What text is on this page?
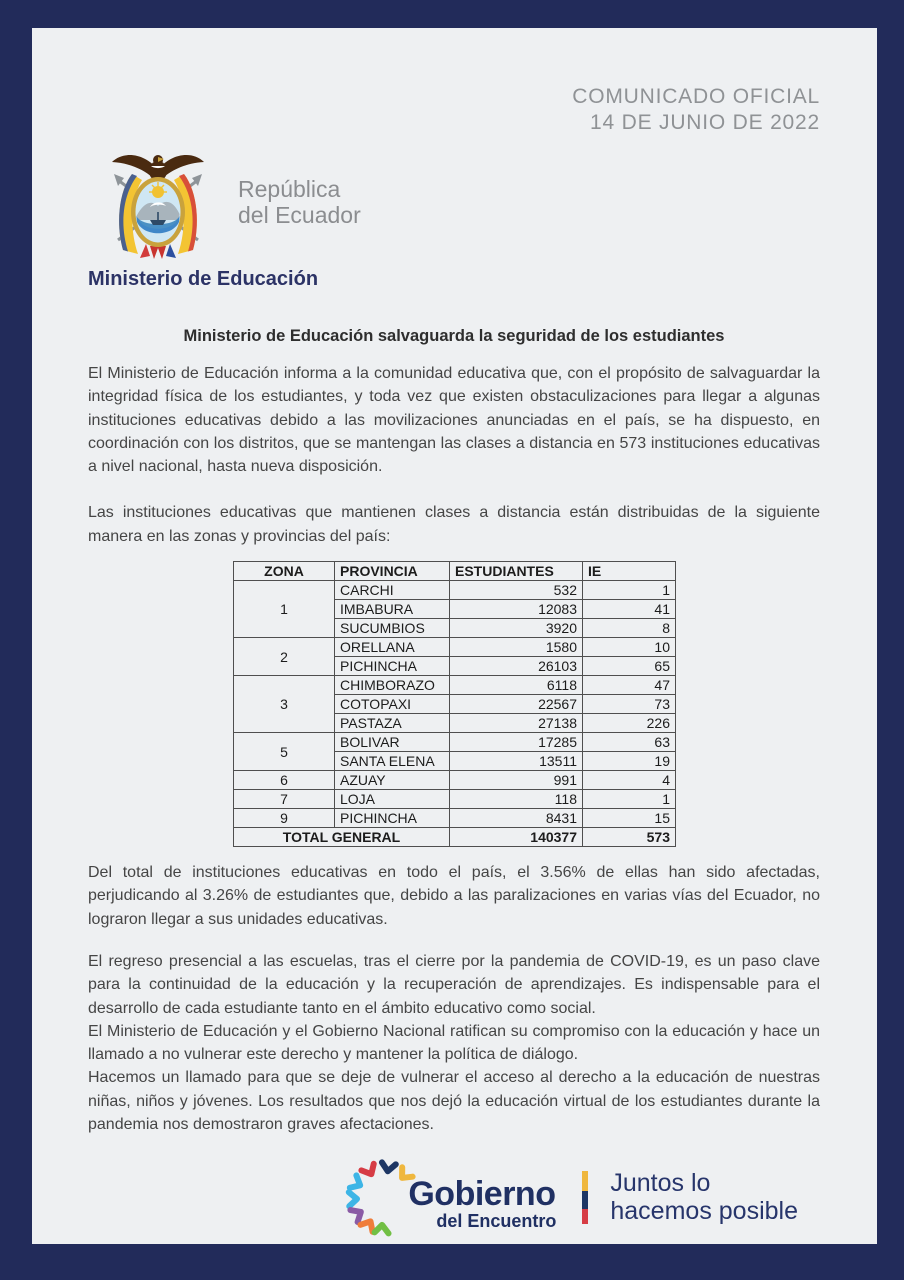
COMUNICADO OFICIAL
14 DE JUNIO DE 2022
República
del Ecuador
Ministerio de Educación
Ministerio de Educación salvaguarda la seguridad de los estudiantes

El Ministerio de Educación informa a la comunidad educativa que, con el propósito de salvaguardar la integridad física de los estudiantes, y toda vez que existen obstaculizaciones para llegar a algunas instituciones educativas debido a las movilizaciones anunciadas en el país, se ha dispuesto, en coordinación con los distritos, que se mantengan las clases a distancia en 573 instituciones educativas a nivel nacional, hasta nueva disposición.

Las instituciones educativas que mantienen clases a distancia están distribuidas de la siguiente manera en las zonas y provincias del país:

ZONA	PROVINCIA	ESTUDIANTES	IE
1	CARCHI	532	1
	IMBABURA	12083	41
	SUCUMBIOS	3920	8
2	ORELLANA	1580	10
	PICHINCHA	26103	65
3	CHIMBORAZO	6118	47
	COTOPAXI	22567	73
	PASTAZA	27138	226
5	BOLIVAR	17285	63
	SANTA ELENA	13511	19
6	AZUAY	991	4
7	LOJA	118	1
9	PICHINCHA	8431	15
TOTAL GENERAL		140377	573

Del total de instituciones educativas en todo el país, el 3.56% de ellas han sido afectadas, perjudicando al 3.26% de estudiantes que, debido a las paralizaciones en varias vías del Ecuador, no lograron llegar a sus unidades educativas.

El regreso presencial a las escuelas, tras el cierre por la pandemia de COVID-19, es un paso clave para la continuidad de la educación y la recuperación de aprendizajes. Es indispensable para el desarrollo de cada estudiante tanto en el ámbito educativo como social.

El Ministerio de Educación y el Gobierno Nacional ratifican su compromiso con la educación y hace un llamado a no vulnerar este derecho y mantener la política de diálogo.

Hacemos un llamado para que se deje de vulnerar el acceso al derecho a la educación de nuestras niñas, niños y jóvenes. Los resultados que nos dejó la educación virtual de los estudiantes durante la pandemia nos demostraron graves afectaciones.

Gobierno
del Encuentro
Juntos lo
hacemos posible
